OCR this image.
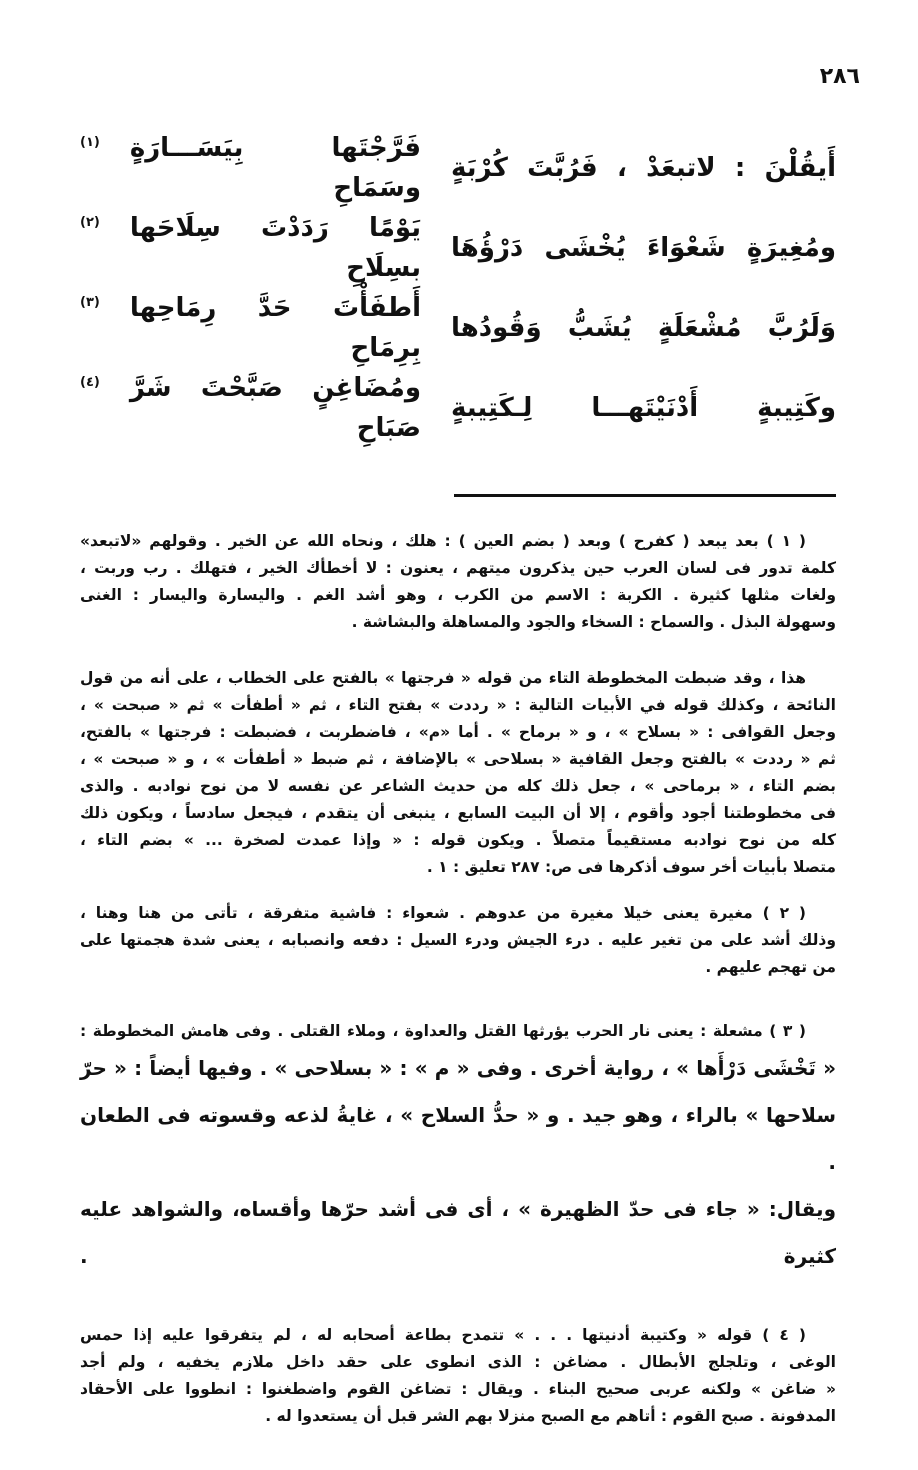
٢٨٦
أَيقُلْنَ : لاتبعَدْ ، فَرُبَّتَ كُرْبَةٍ
فَرَّجْتَها بِيَسَـــارَةٍ وسَمَاحِ
(١)
ومُغِيرَةٍ شَعْوَاءَ يُخْشَى دَرْؤُهَا
يَوْمًا رَدَدْتَ سِلَاحَها بسِلَاحِ
(٢)
وَلَرُبَّ مُشْعَلَةٍ يُشَبُّ وَقُودُها
أَطفَأْتَ حَدَّ رِمَاحِها بِرِمَاحِ
(٣)
وكَتِيبةٍ أَدْنَيْتَهـــا لِـكَتِيبةٍ
ومُضَاغِنٍ صَبَّحْتَ شَرَّ صَبَاحِ
(٤)
( ١ ) بعد يبعد ( كفرح ) وبعد ( بضم العين ) : هلك ، ونحاه الله عن الخير . وقولهم «لاتبعد»
كلمة تدور فى لسان العرب حين يذكرون ميتهم ، يعنون : لا أخطأك الخير ، فتهلك . رب وربت ،
ولغات مثلها كثيرة . الكربة : الاسم من الكرب ، وهو أشد الغم . واليسارة واليسار : الغنى
وسهولة البذل . والسماح : السخاء والجود والمساهلة والبشاشة .
هذا ، وقد ضبطت المخطوطة التاء من قوله « فرجتها » بالفتح على الخطاب ، على أنه من قول
النائحة ، وكذلك قوله في الأبيات التالية : « رددت » بفتح التاء ، ثم « أطفأت » ثم « صبحت » ،
وجعل القوافى : « بسلاح » ، و « برماح » . أما «م» ، فاضطربت ، فضبطت : فرجتها » بالفتح،
ثم « رددت » بالفتح وجعل القافية « بسلاحى » بالإضافة ، ثم ضبط « أطفأت » ، و « صبحت » ،
بضم التاء ، « برماحى » ، جعل ذلك كله من حديث الشاعر عن نفسه لا من نوح نوادبه . والذى
فى مخطوطتنا أجود وأقوم ، إلا أن البيت السابع ، ينبغى أن يتقدم ، فيجعل سادساً ، ويكون ذلك
كله من نوح نوادبه مستقيماً متصلاً . ويكون قوله : « وإذا عمدت لصخرة ... » بضم التاء ،
متصلا بأبيات أخر سوف أذكرها فى ص: ٢٨٧ تعليق : ١ .
( ٢ ) مغيرة يعنى خيلا مغيرة من عدوهم . شعواء : فاشية متفرقة ، تأتى من هنا وهنا ،
وذلك أشد على من تغير عليه . درء الجيش ودرء السيل : دفعه وانصبابه ، يعنى شدة هجمتها على
من تهجم عليهم .
( ٣ ) مشعلة : يعنى نار الحرب يؤرثها القتل والعداوة ، وملاء القتلى . وفى هامش المخطوطة :
« تَخْشَى دَرْأَها » ، رواية أخرى . وفى « م » : « بسلاحى » . وفيها أيضاً : « حرّ
سلاحها » بالراء ، وهو جيد . و « حدُّ السلاح » ، غايةُ لذعه وقسوته فى الطعان .
ويقال: « جاء فى حدّ الظهيرة » ، أى فى أشد حرّها وأقساه، والشواهد عليه كثيرة .
( ٤ ) قوله « وكتيبة أدنيتها . . . » تتمدح بطاعة أصحابه له ، لم يتفرقوا عليه إذا حمس
الوغى ، وتلجلج الأبطال . مضاغن : الذى انطوى على حقد داخل ملازم يخفيه ، ولم أجد
« ضاغن » ولكنه عربى صحيح البناء . ويقال : تضاغن القوم واضطغنوا : انطووا على الأحقاد
المدفونة . صبح القوم : أتاهم مع الصبح منزلا بهم الشر قبل أن يستعدوا له .
